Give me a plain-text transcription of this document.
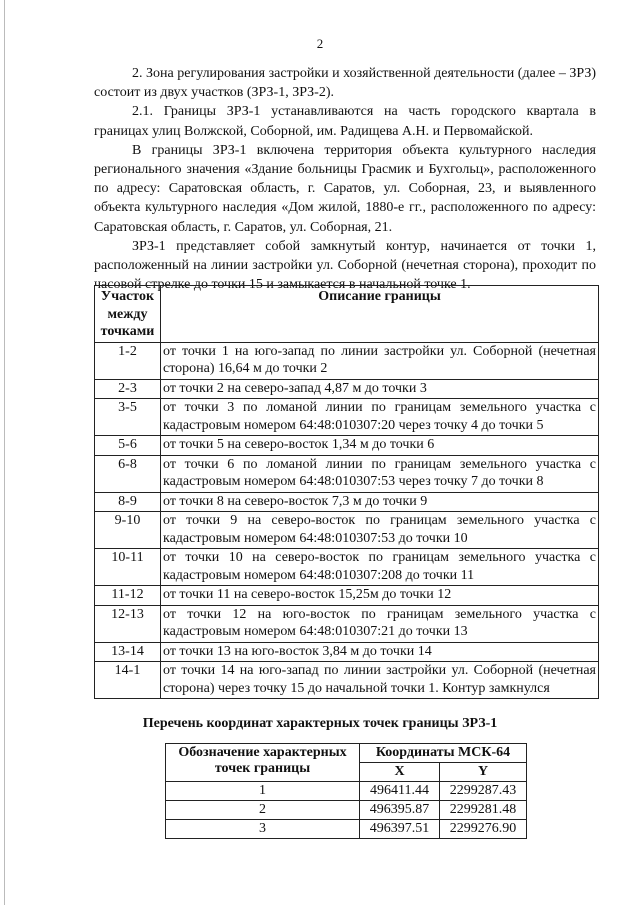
2

2. Зона регулирования застройки и хозяйственной деятельности (далее – ЗРЗ) состоит из двух участков (ЗРЗ-1, ЗРЗ-2).

2.1. Границы ЗРЗ-1 устанавливаются на часть городского квартала в границах улиц Волжской, Соборной, им. Радищева А.Н. и Первомайской.

В границы ЗРЗ-1 включена территория объекта культурного наследия регионального значения «Здание больницы Грасмик и Бухгольц», расположенного по адресу: Саратовская область, г. Саратов, ул. Соборная, 23, и выявленного объекта культурного наследия «Дом жилой, 1880-е гг., расположенного по адресу: Саратовская область, г. Саратов, ул. Соборная, 21.

ЗРЗ-1 представляет собой замкнутый контур, начинается от точки 1, расположенный на линии застройки ул. Соборной (нечетная сторона), проходит по часовой стрелке до точки 15 и замыкается в начальной точке 1.

Участок между точками	Описание границы
1-2	от точки 1 на юго-запад по линии застройки ул. Соборной (нечетная сторона) 16,64 м до точки 2
2-3	от точки 2 на северо-запад 4,87 м до точки 3
3-5	от точки 3 по ломаной линии по границам земельного участка с кадастровым номером 64:48:010307:20 через точку 4 до точки 5
5-6	от точки 5 на северо-восток 1,34 м до точки 6
6-8	от точки 6 по ломаной линии по границам земельного участка с кадастровым номером 64:48:010307:53 через точку 7 до точки 8
8-9	от точки 8 на северо-восток 7,3 м до точки 9
9-10	от точки 9 на северо-восток по границам земельного участка с кадастровым номером 64:48:010307:53 до точки 10
10-11	от точки 10 на северо-восток по границам земельного участка с кадастровым номером 64:48:010307:208 до точки 11
11-12	от точки 11 на северо-восток 15,25м до точки 12
12-13	от точки 12 на юго-восток по границам земельного участка с кадастровым номером 64:48:010307:21 до точки 13
13-14	от точки 13 на юго-восток 3,84 м до точки 14
14-1	от точки 14 на юго-запад по линии застройки ул. Соборной (нечетная сторона) через точку 15 до начальной точки 1. Контур замкнулся
Перечень координат характерных точек границы ЗРЗ-1
Обозначение характерных точек границы	Координаты МСК-64	
	X	Y
1	496411.44	2299287.43
2	496395.87	2299281.48
3	496397.51	2299276.90
